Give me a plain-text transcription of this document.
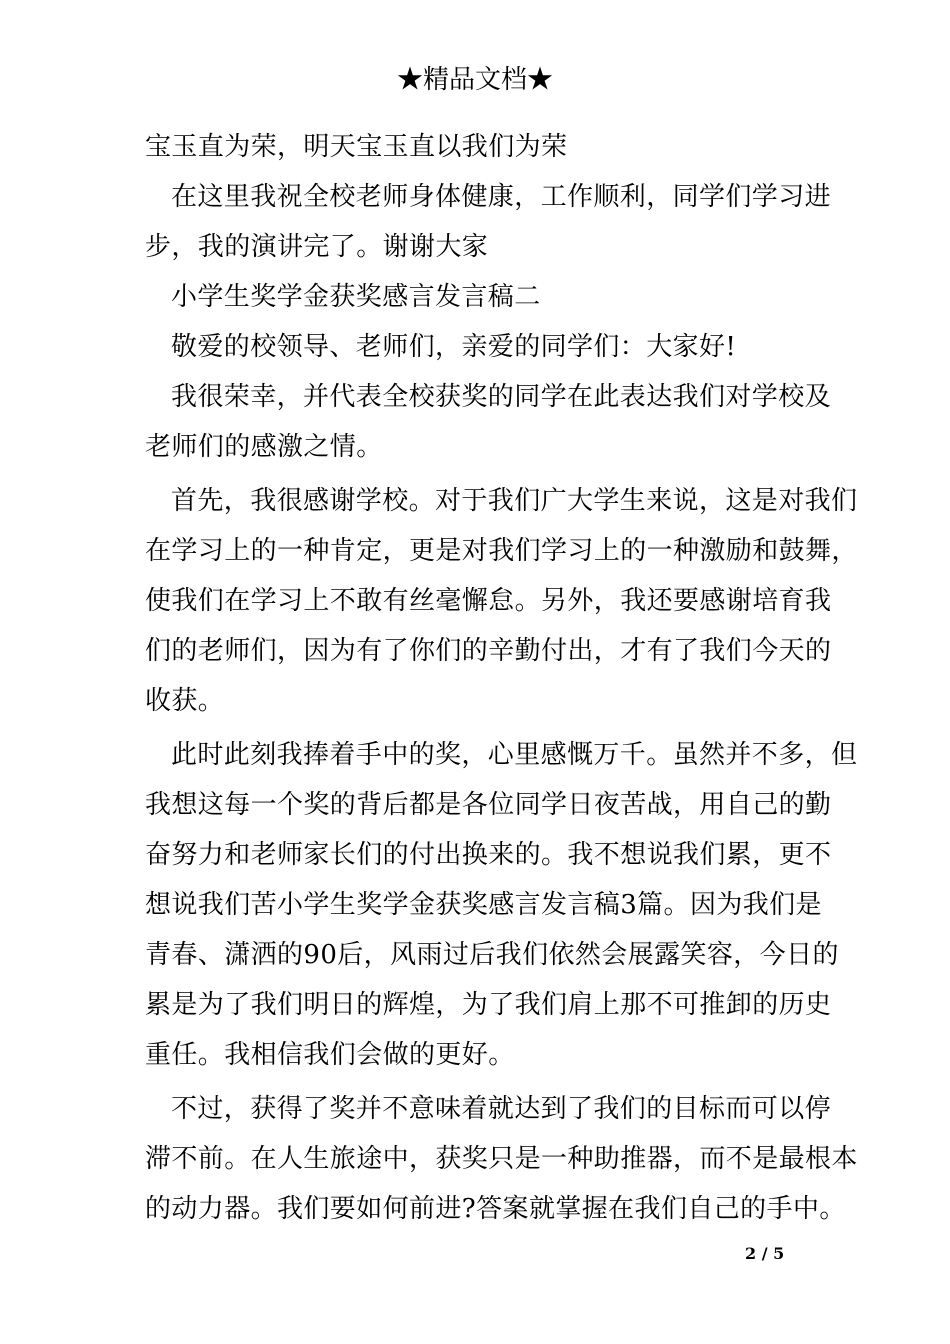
★精品文档★
宝玉直为荣，明天宝玉直以我们为荣
在这里我祝全校老师身体健康，工作顺利，同学们学习进
步，我的演讲完了。谢谢大家
小学生奖学金获奖感言发言稿二
敬爱的校领导、老师们，亲爱的同学们：大家好!
我很荣幸，并代表全校获奖的同学在此表达我们对学校及
老师们的感激之情。
首先，我很感谢学校。对于我们广大学生来说，这是对我们
在学习上的一种肯定，更是对我们学习上的一种激励和鼓舞，
使我们在学习上不敢有丝毫懈怠。另外，我还要感谢培育我
们的老师们，因为有了你们的辛勤付出，才有了我们今天的
收获。
此时此刻我捧着手中的奖，心里感慨万千。虽然并不多，但
我想这每一个奖的背后都是各位同学日夜苦战，用自己的勤
奋努力和老师家长们的付出换来的。我不想说我们累，更不
想说我们苦小学生奖学金获奖感言发言稿3篇。因为我们是
青春、潇洒的90后，风雨过后我们依然会展露笑容，今日的
累是为了我们明日的辉煌，为了我们肩上那不可推卸的历史
重任。我相信我们会做的更好。
不过，获得了奖并不意味着就达到了我们的目标而可以停
滞不前。在人生旅途中，获奖只是一种助推器，而不是最根本
的动力器。我们要如何前进?答案就掌握在我们自己的手中。
2 / 5
